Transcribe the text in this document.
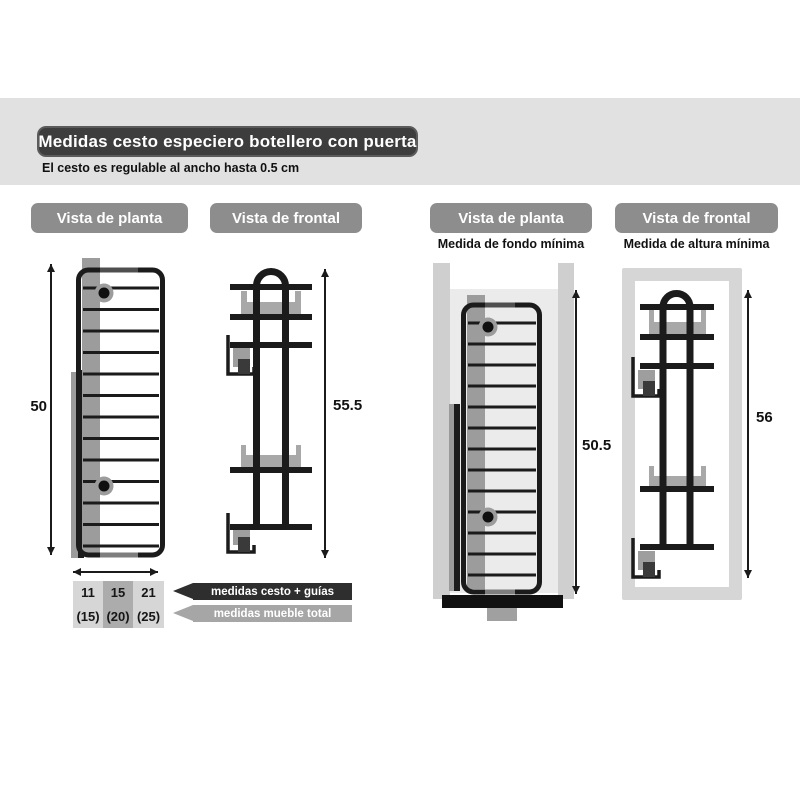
Medidas cesto especiero botellero con puerta
El cesto es regulable al ancho hasta 0.5 cm
Vista de planta	Vista de frontal	Vista de planta	Vista de frontal
Medida de fondo mínima	Medida de altura mínima
50	55.5
11	15	21
(15) (20) (25)
medidas cesto + guías
medidas mueble total
50.5
56
